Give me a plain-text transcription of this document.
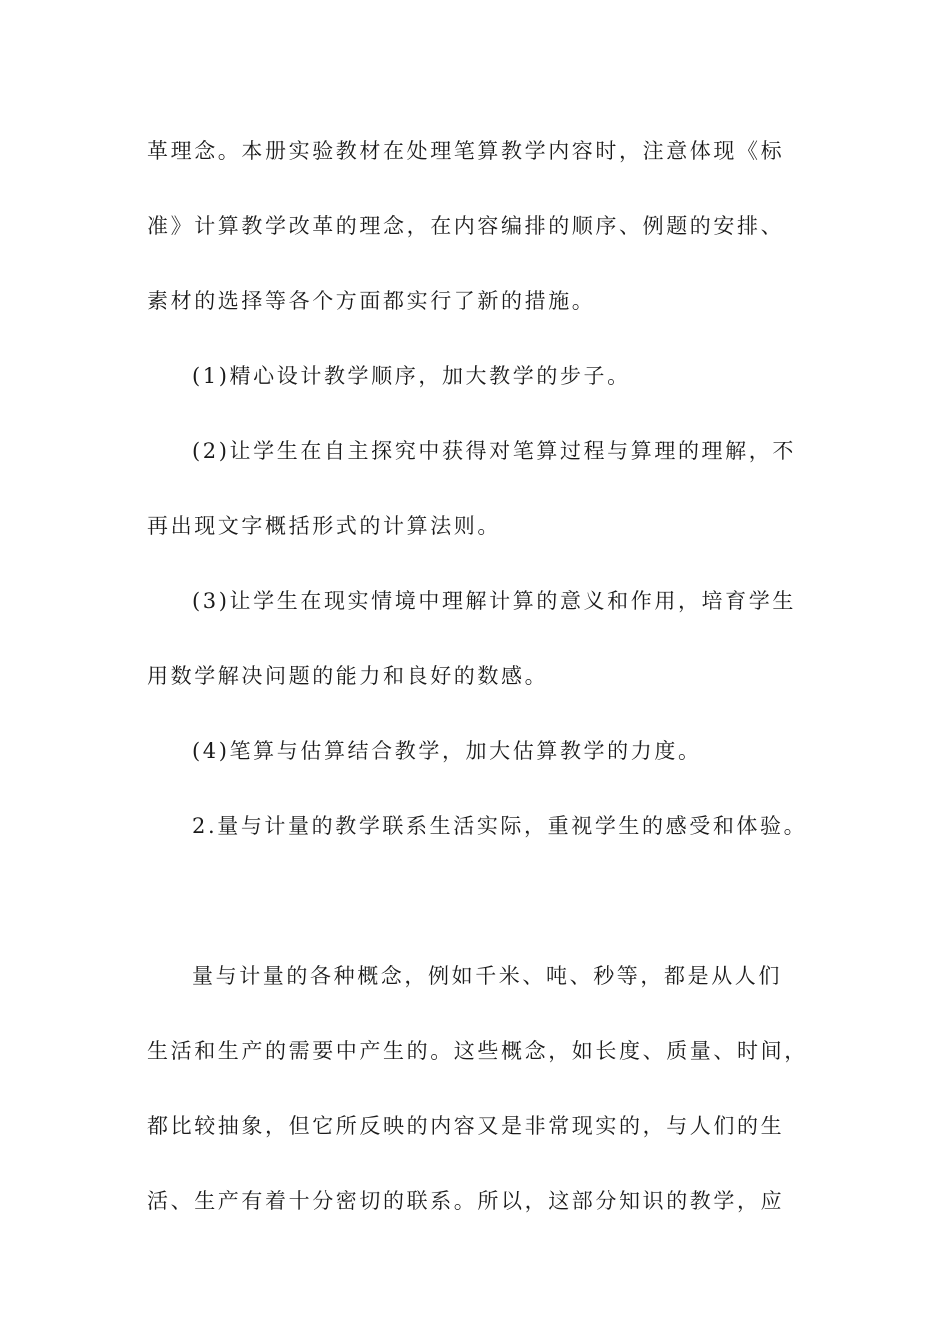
革理念。本册实验教材在处理笔算教学内容时，注意体现《标
准》计算教学改革的理念，在内容编排的顺序、例题的安排、
素材的选择等各个方面都实行了新的措施。
(1)精心设计教学顺序，加大教学的步子。
(2)让学生在自主探究中获得对笔算过程与算理的理解，不
再出现文字概括形式的计算法则。
(3)让学生在现实情境中理解计算的意义和作用，培育学生
用数学解决问题的能力和良好的数感。
(4)笔算与估算结合教学，加大估算教学的力度。
2.量与计量的教学联系生活实际，重视学生的感受和体验。
量与计量的各种概念，例如千米、吨、秒等，都是从人们
生活和生产的需要中产生的。这些概念，如长度、质量、时间，
都比较抽象，但它所反映的内容又是非常现实的，与人们的生
活、生产有着十分密切的联系。所以，这部分知识的教学，应
